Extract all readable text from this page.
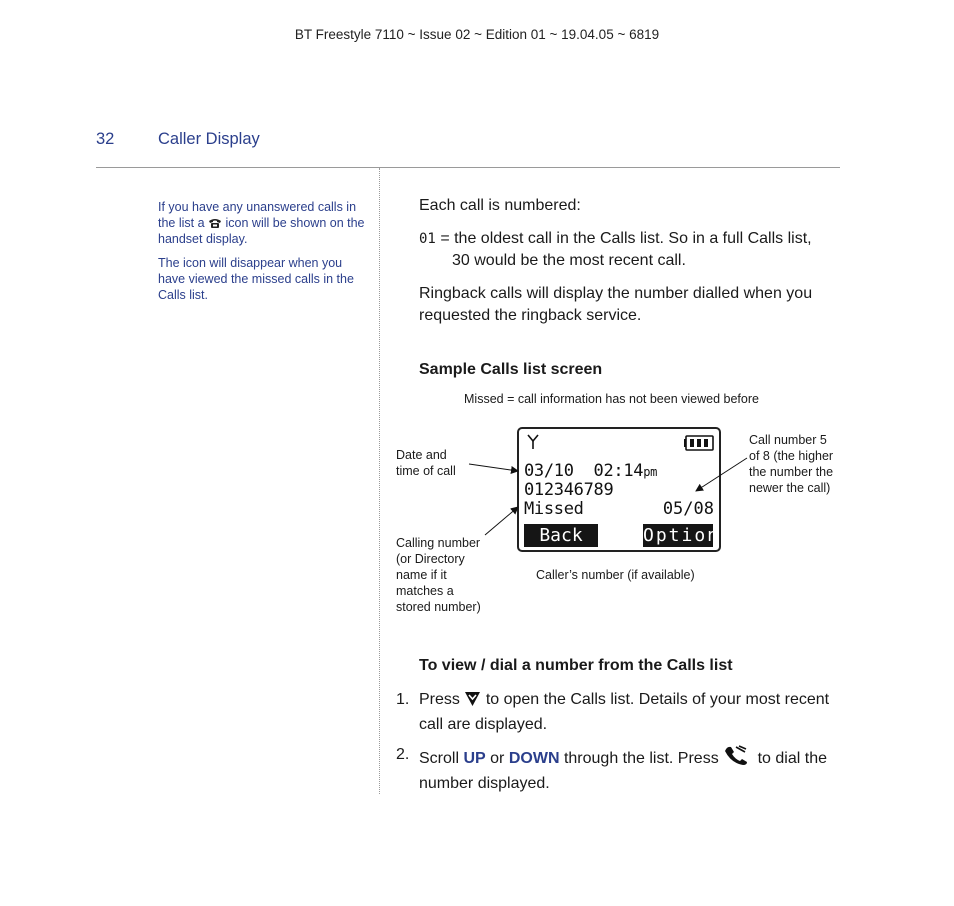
BT Freestyle 7110 ~ Issue 02 ~ Edition 01 ~ 19.04.05 ~ 6819
32	Caller Display

If you have any unanswered calls in the list a icon will be shown on the handset display.

The icon will disappear when you have viewed the missed calls in the Calls list.

Each call is numbered:

01 = the oldest call in the Calls list. So in a full Calls list,

30 would be the most recent call.

Ringback calls will display the number dialled when you requested the ringback service.

Sample Calls list screen
Missed = call information has not been viewed before
Date and
time of call
Calling number
(or Directory
name if it
matches a
stored number)
Call number 5
of 8 (the higher
the number the
newer the call)
Caller’s number (if available)
03/10  02:14pm
012346789
Missed	05/08
Back	Option
To view / dial a number from the Calls list
1. Press to open the Calls list. Details of your most recent call are displayed.
2. Scroll UP or DOWN through the list. Press to dial the number displayed.
